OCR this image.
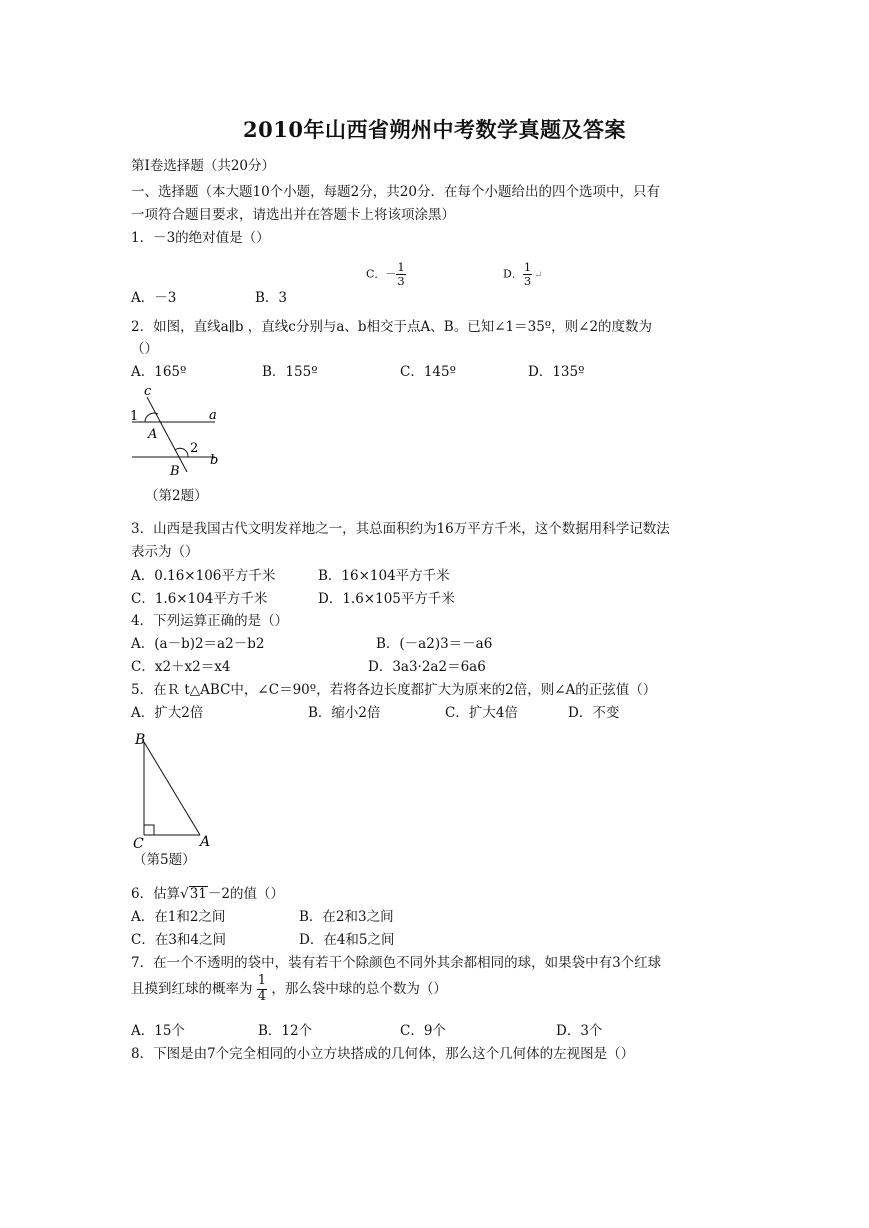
2010年山西省朔州中考数学真题及答案
第Ⅰ卷选择题（共20分）
一、选择题（本大题10个小题，每题2分，共20分．在每个小题给出的四个选项中，只有
一项符合题目要求，请选出并在答题卡上将该项涂黑）
1．－3的绝对值是（）
A．－3	B．3
C．－ $\frac{1}{3}$	D． $\frac{1}{3}$ ↵
2．如图，直线a∥b ，直线c分别与a、b相交于点A、B。已知∠1＝35º，则∠2的度数为
（）
A．165º	B．155º	C．145º	D．135º
c
1	a
A
2
b
B
（第2题）
3．山西是我国古代文明发祥地之一，其总面积约为16万平方千米，这个数据用科学记数法
表示为（）
A．0.16×106平方千米	B．16×104平方千米
C．1.6×104平方千米	D．1.6×105平方千米
4．下列运算正确的是（）
A．(a－b)2＝a2－b2	B．(－a2)3＝－a6
C．x2＋x2＝x4	D．3a3·2a2＝6a6
5．在Ｒ t△ABC中，∠C＝90º，若将各边长度都扩大为原来的2倍，则∠A的正弦值（）
A．扩大2倍	B．缩小2倍	C．扩大4倍	D．不变
B
C	A
（第5题）
6．估算√31－2的值（）
A．在1和2之间	B．在2和3之间
C．在3和4之间	D．在4和5之间
7．在一个不透明的袋中，装有若干个除颜色不同外其余都相同的球，如果袋中有3个红球
且摸到红球的概率为 $\frac{1}{4}$ ，那么袋中球的总个数为（）
A．15个	B．12个	C．9个	D．3个
8．下图是由7个完全相同的小立方块搭成的几何体，那么这个几何体的左视图是（）
